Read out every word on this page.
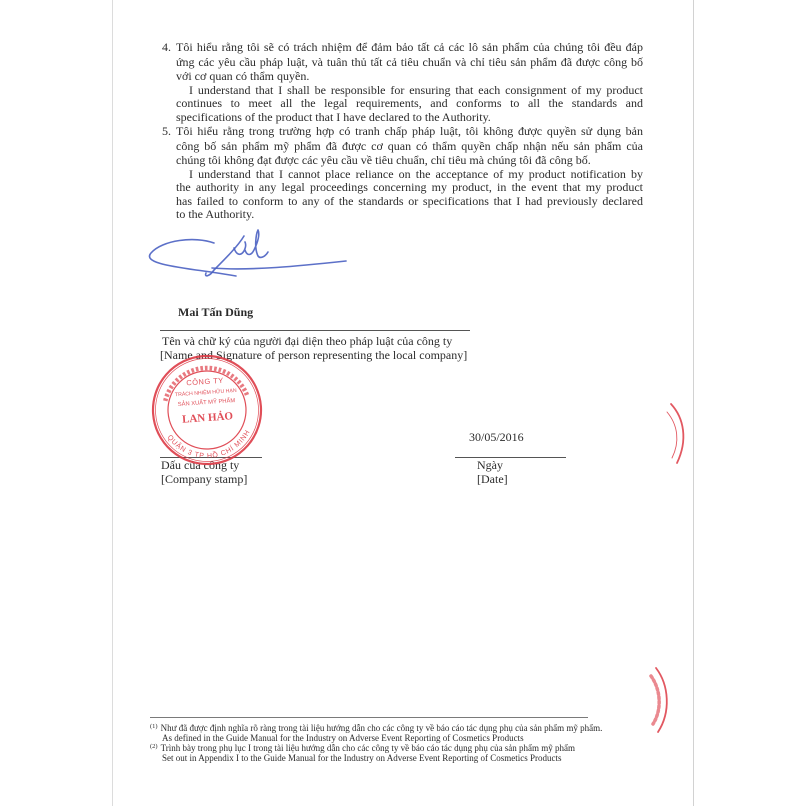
4. Tôi hiểu rằng tôi sẽ có trách nhiệm để đảm bảo tất cả các lô sản phẩm của chúng tôi đều đáp
ứng các yêu cầu pháp luật, và tuân thủ tất cả tiêu chuẩn và chỉ tiêu sản phẩm đã được công bố
với cơ quan có thẩm quyền.
I understand that I shall be responsible for ensuring that each consignment of my product
continues to meet all the legal requirements, and conforms to all the standards and
specifications of the product that I have declared to the Authority.
5. Tôi hiểu rằng trong trường hợp có tranh chấp pháp luật, tôi không được quyền sử dụng bản
công bố sản phẩm mỹ phẩm đã được cơ quan có thẩm quyền chấp nhận nếu sản phẩm của
chúng tôi không đạt được các yêu cầu về tiêu chuẩn, chỉ tiêu mà chúng tôi đã công bố.
I understand that I cannot place reliance on the acceptance of my product notification by
the authority in any legal proceedings concerning my product, in the event that my product
has failed to conform to any of the standards or specifications that I had previously declared
to the Authority.
Mai Tấn Dũng
Tên và chữ ký của người đại diện theo pháp luật của công ty
[Name and Signature of person representing the local company]
30/05/2016
Dấu của công ty
[Company stamp]
Ngày
[Date]
$^{(1)}$ Như đã được định nghĩa rõ ràng trong tài liệu hướng dẫn cho các công ty về báo cáo tác dụng phụ của sản phẩm mỹ phẩm.
As defined in the Guide Manual for the Industry on Adverse Event Reporting of Cosmetics Products
$^{(2)}$ Trình bày trong phụ lục I trong tài liệu hướng dẫn cho các công ty về báo cáo tác dụng phụ của sản phẩm mỹ phẩm
Set out in Appendix I to the Guide Manual for the Industry on Adverse Event Reporting of Cosmetics Products
QUẬN 3 TP HỒ CHÍ MINH
CÔNG TY
TRÁCH NHIỆM HỮU HẠN
SẢN XUẤT MỸ PHẨM
LAN HẢO
